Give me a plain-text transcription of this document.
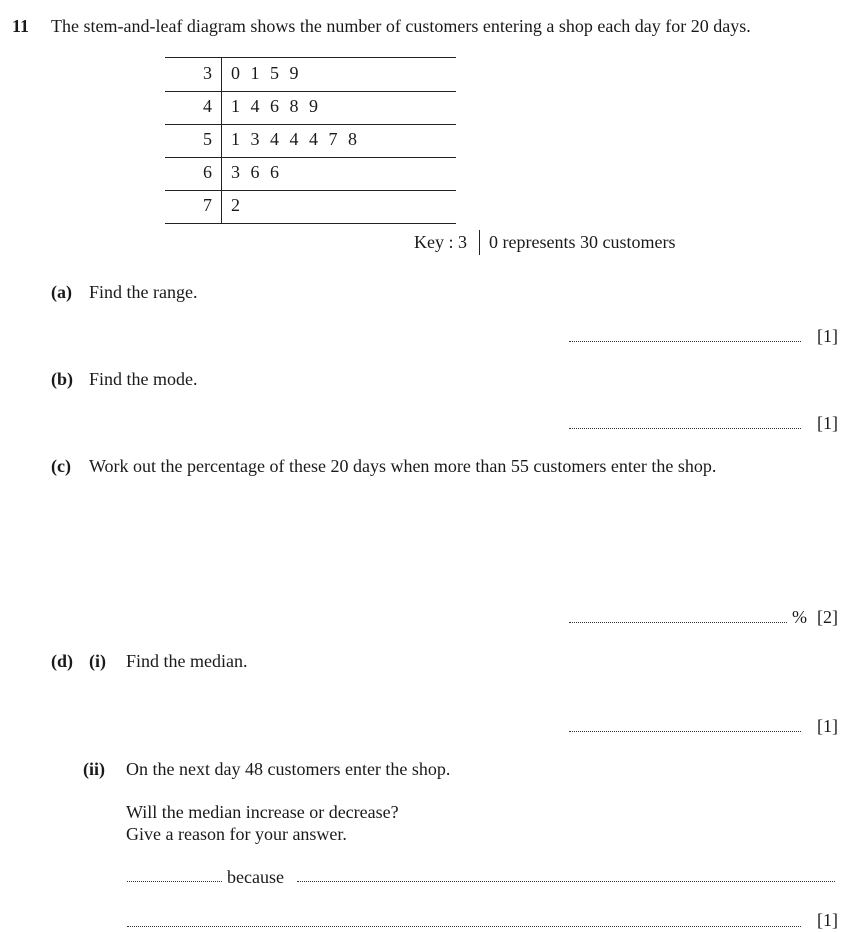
11 The stem-and-leaf diagram shows the number of customers entering a shop each day for 20 days.
3 0 1 5 9
4 1 4 6 8 9
5 1 3 4 4 4 7 8
6 3 6 6
7 2
Key : 3 0 represents 30 customers
(a) Find the range.
[1]
(b) Find the mode.
[1]
(c) Work out the percentage of these 20 days when more than 55 customers enter the shop.
% [2]
(d) (i) Find the median.
[1]
(ii) On the next day 48 customers enter the shop.
Will the median increase or decrease?
Give a reason for your answer.
because
[1]
